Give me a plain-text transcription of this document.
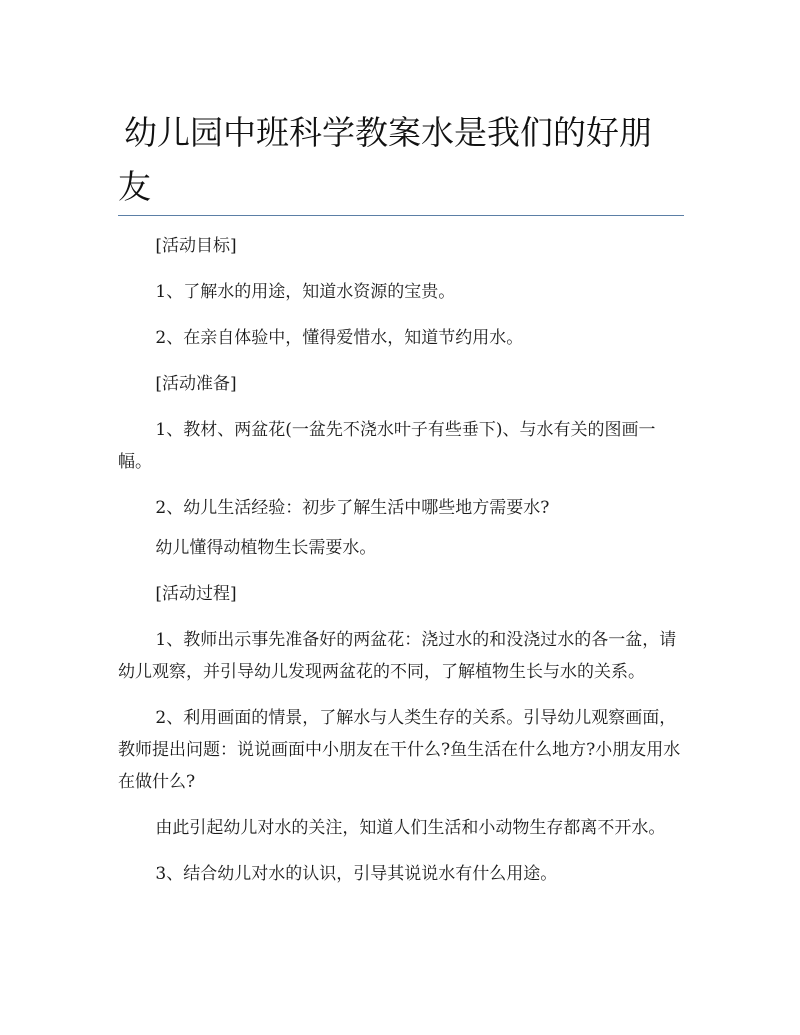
幼儿园中班科学教案水是我们的好朋友

[活动目标]

1、了解水的用途，知道水资源的宝贵。

2、在亲自体验中，懂得爱惜水，知道节约用水。

[活动准备]

1、教材、两盆花(一盆先不浇水叶子有些垂下)、与水有关的图画一幅。

2、幼儿生活经验：初步了解生活中哪些地方需要水?

幼儿懂得动植物生长需要水。

[活动过程]

1、教师出示事先准备好的两盆花：浇过水的和没浇过水的各一盆，请幼儿观察，并引导幼儿发现两盆花的不同，了解植物生长与水的关系。

2、利用画面的情景，了解水与人类生存的关系。引导幼儿观察画面，教师提出问题：说说画面中小朋友在干什么?鱼生活在什么地方?小朋友用水在做什么?

由此引起幼儿对水的关注，知道人们生活和小动物生存都离不开水。

3、结合幼儿对水的认识，引导其说说水有什么用途。
